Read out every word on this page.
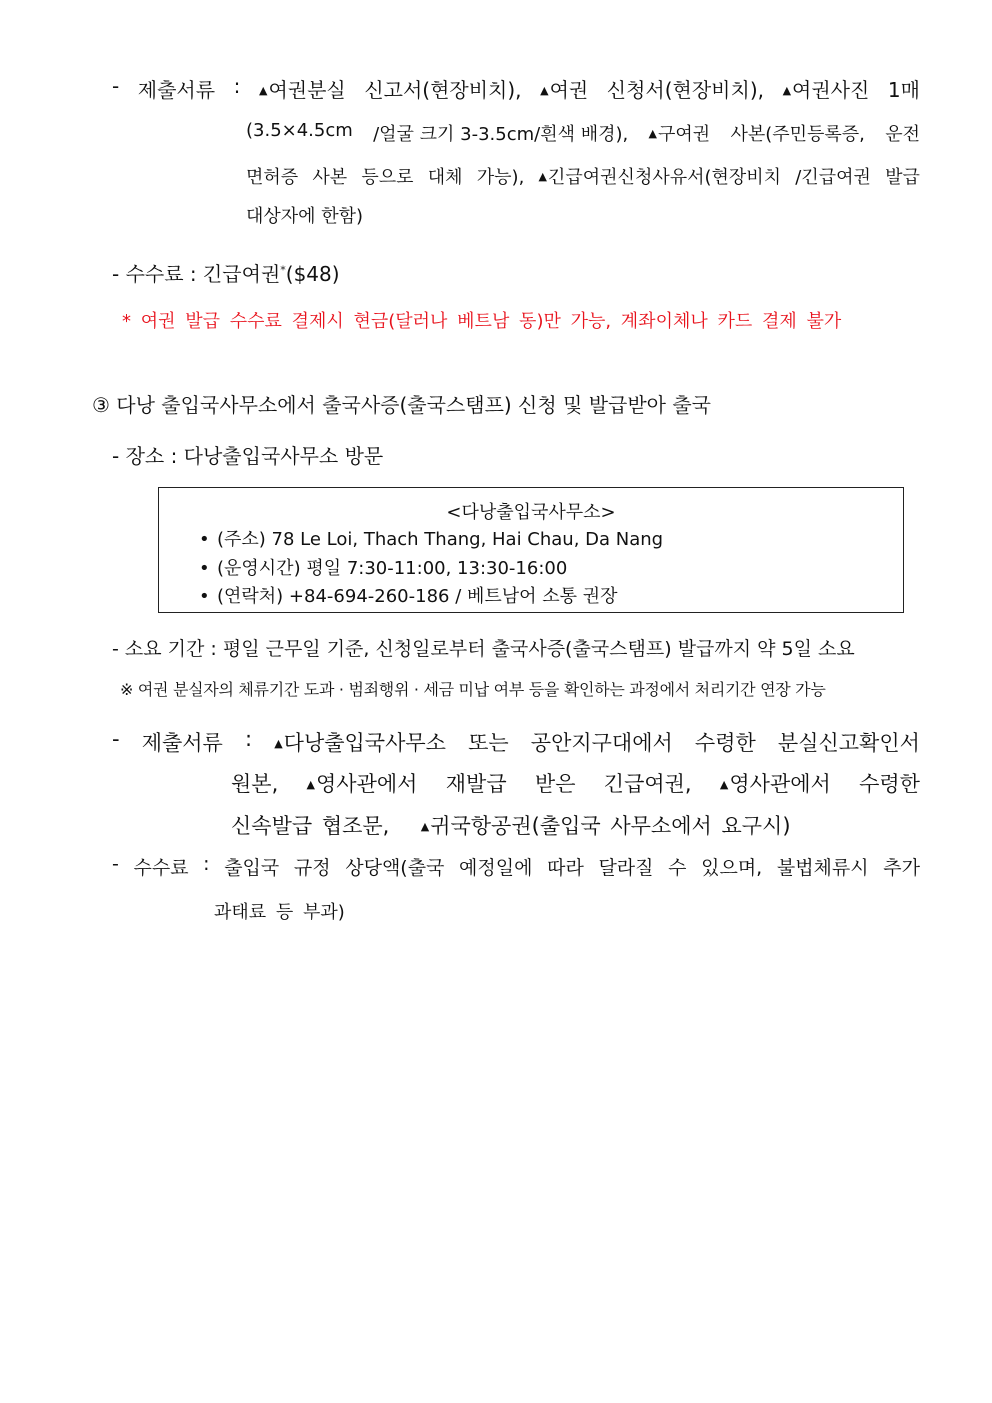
- 제출서류 : ▲여권분실 신고서(현장비치), ▲여권 신청서(현장비치), ▲여권사진 1매
(3.5×4.5cm /얼굴 크기 3-3.5cm/흰색 배경), ▲구여권 사본(주민등록증, 운전
면허증 사본 등으로 대체 가능), ▲긴급여권신청사유서(현장비치 /긴급여권 발급
대상자에 한함)
- 수수료 : 긴급여권*($48)
* 여권 발급 수수료 결제시 현금(달러나 베트남 동)만 가능, 계좌이체나 카드 결제 불가
③ 다낭 출입국사무소에서 출국사증(출국스탬프) 신청 및 발급받아 출국
- 장소 : 다낭출입국사무소 방문
<다낭출입국사무소>
• (주소) 78 Le Loi, Thach Thang, Hai Chau, Da Nang
• (운영시간) 평일 7:30-11:00, 13:30-16:00
• (연락처) +84-694-260-186 / 베트남어 소통 권장
- 소요 기간 : 평일 근무일 기준, 신청일로부터 출국사증(출국스탬프) 발급까지 약 5일 소요
※ 여권 분실자의 체류기간 도과 · 범죄행위 · 세금 미납 여부 등을 확인하는 과정에서 처리기간 연장 가능
- 제출서류 : ▲다낭출입국사무소 또는 공안지구대에서 수령한 분실신고확인서
원본,	▲영사관에서 재발급 받은 긴급여권,	▲영사관에서 수령한
신속발급 협조문,	▲귀국항공권(출입국 사무소에서 요구시)
- 수수료 : 출입국 규정 상당액(출국 예정일에 따라 달라질 수 있으며, 불법체류시 추가
과태료 등 부과)
